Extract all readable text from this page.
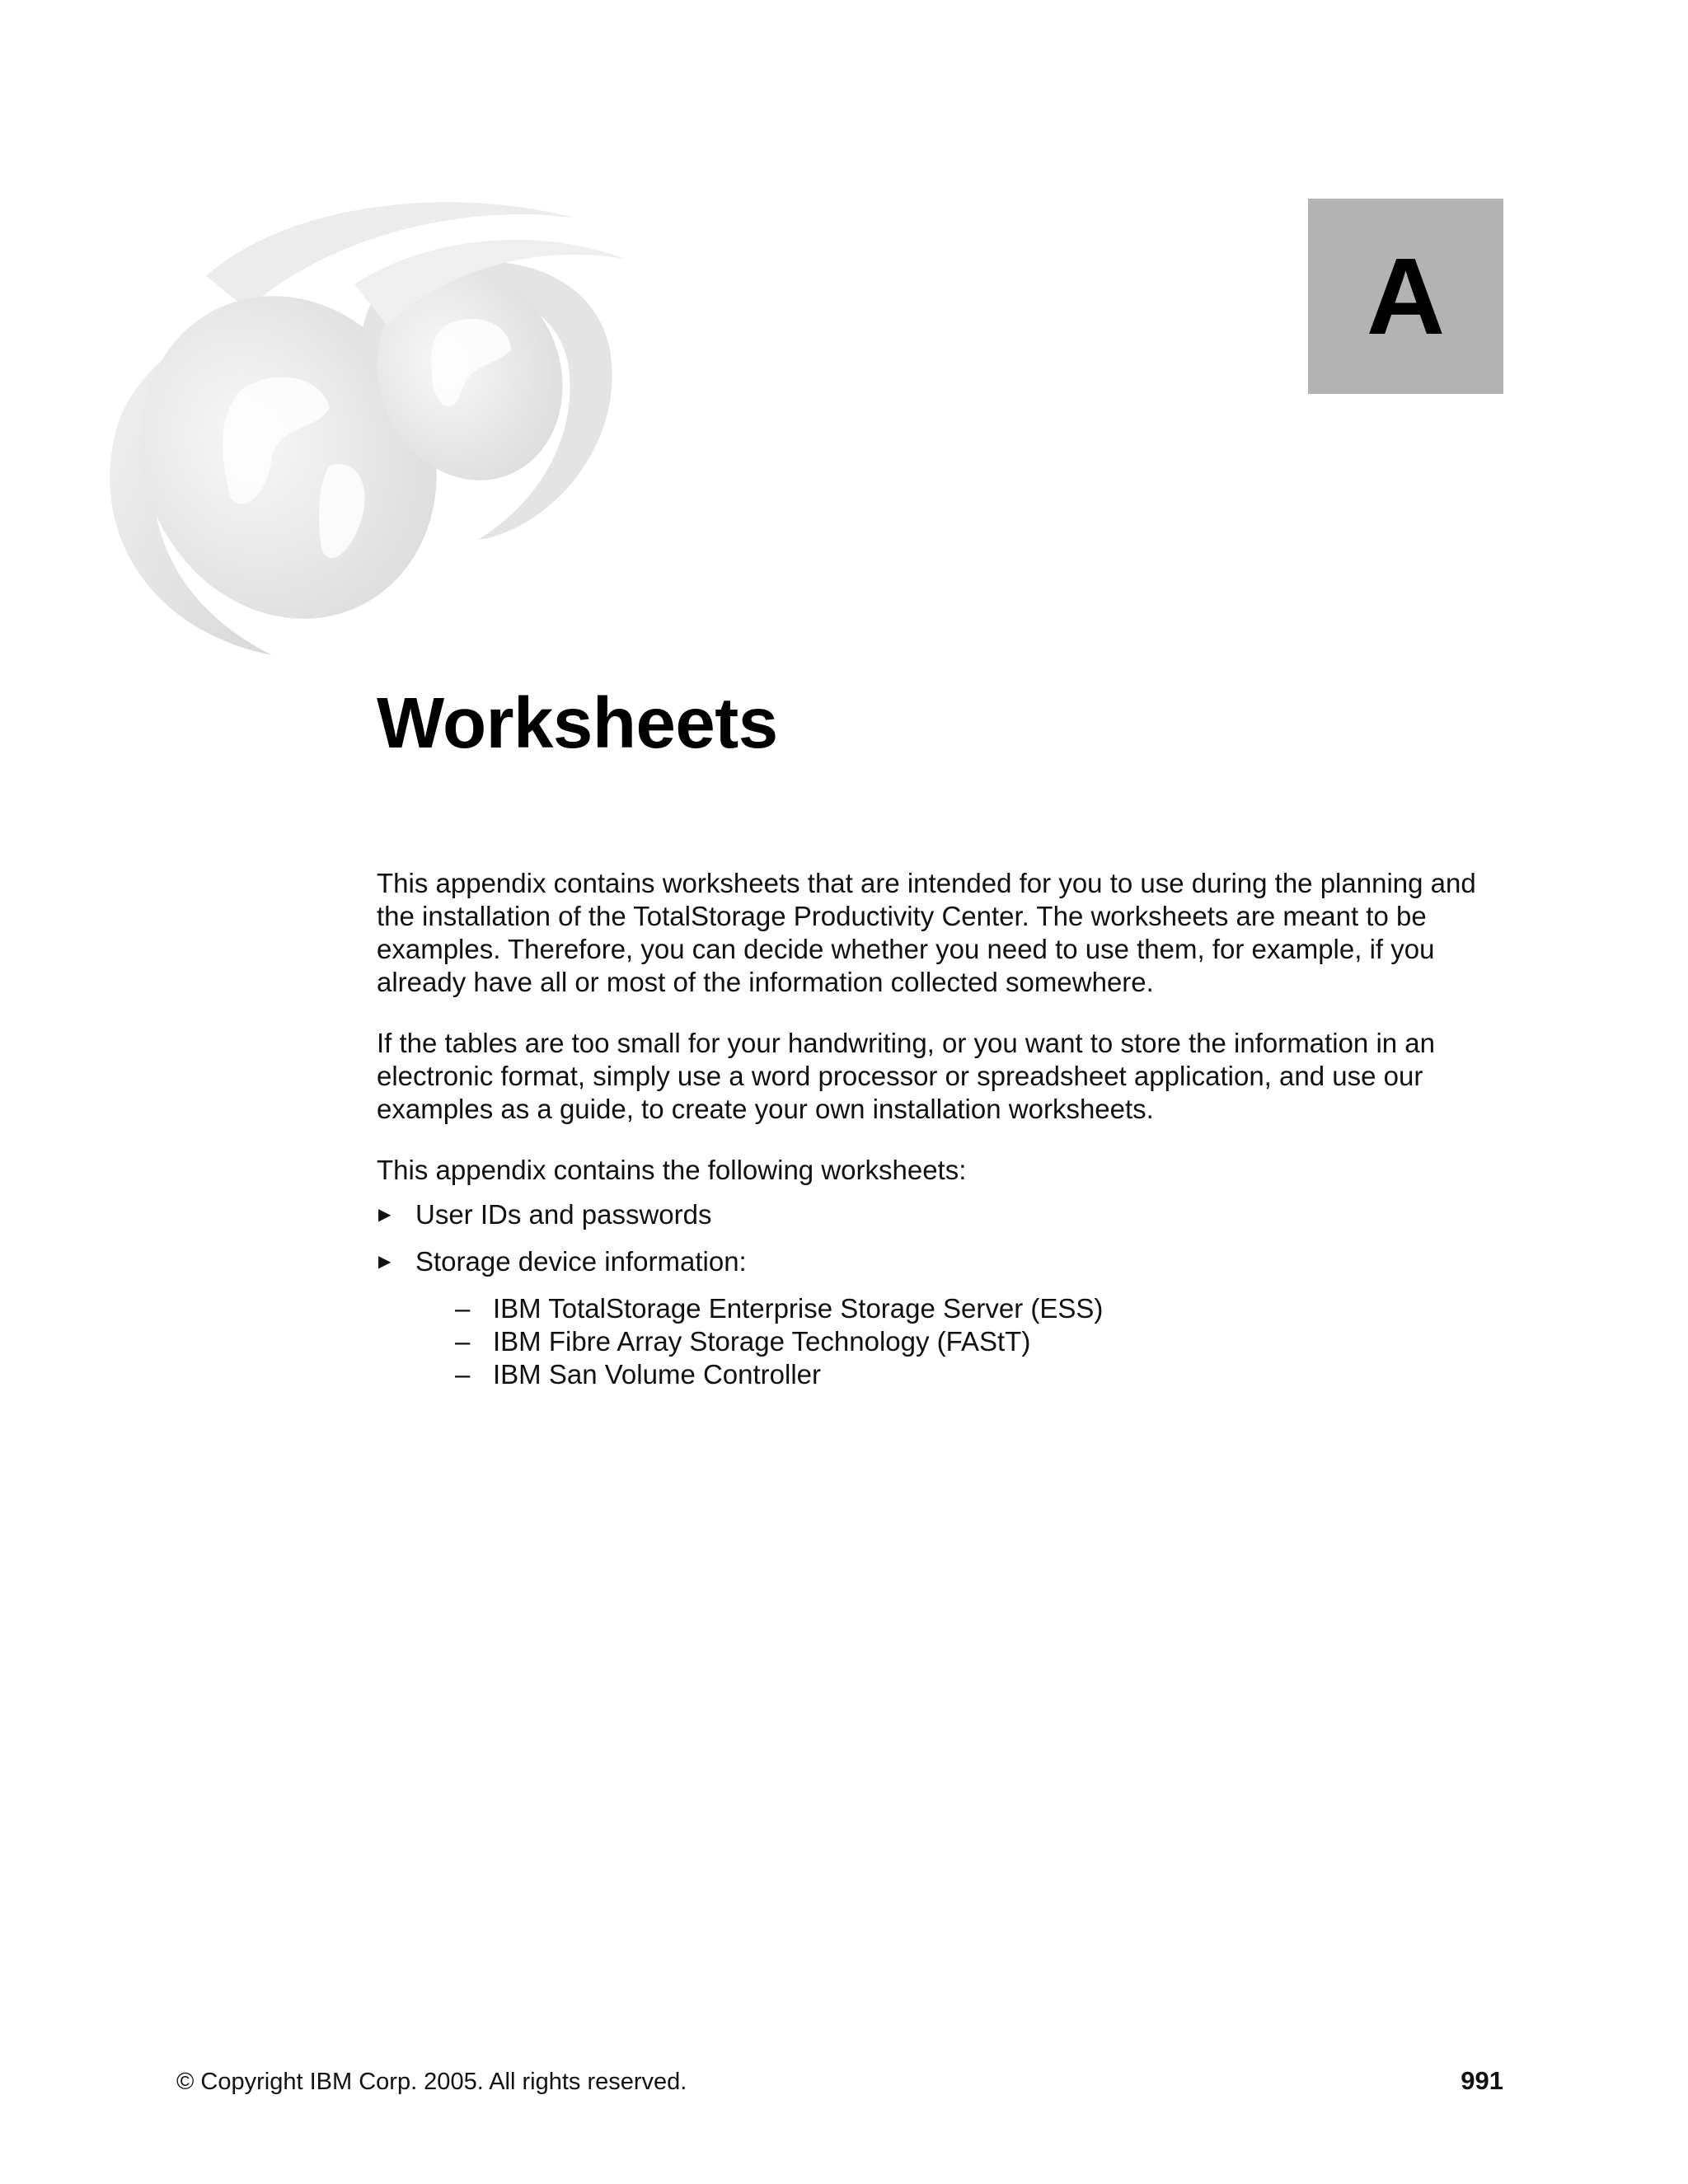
A
Worksheets

This appendix contains worksheets that are intended for you to use during the planning and the installation of the TotalStorage Productivity Center. The worksheets are meant to be examples. Therefore, you can decide whether you need to use them, for example, if you already have all or most of the information collected somewhere.

If the tables are too small for your handwriting, or you want to store the information in an electronic format, simply use a word processor or spreadsheet application, and use our examples as a guide, to create your own installation worksheets.

This appendix contains the following worksheets:

▶ User IDs and passwords
▶ Storage device information:
– IBM TotalStorage Enterprise Storage Server (ESS)
– IBM Fibre Array Storage Technology (FAStT)
– IBM San Volume Controller
© Copyright IBM Corp. 2005. All rights reserved.	991
